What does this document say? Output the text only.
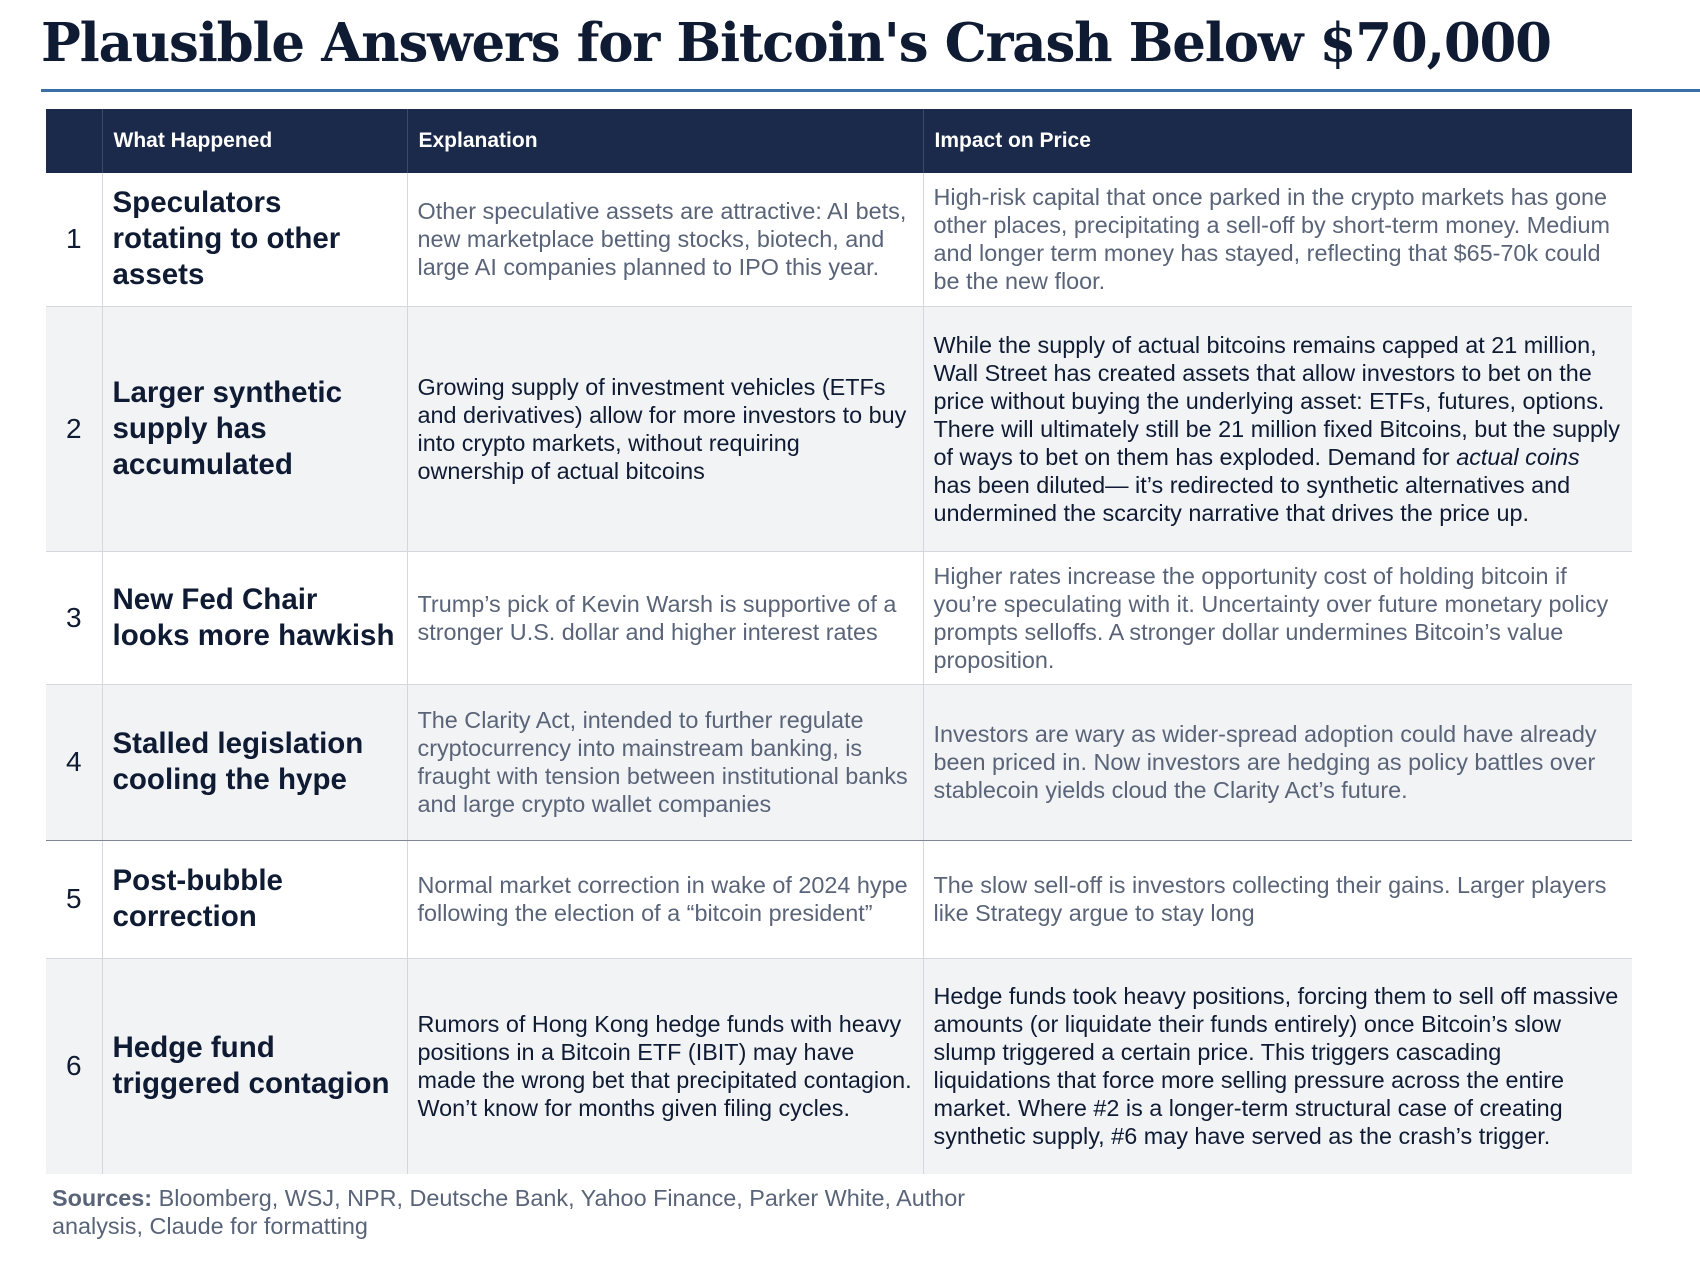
Plausible Answers for Bitcoin's Crash Below $70,000
	What Happened	Explanation	Impact on Price
1	Speculators rotating to other assets	Other speculative assets are attractive: AI bets, new marketplace betting stocks, biotech, and large AI companies planned to IPO this year.	High-risk capital that once parked in the crypto markets has gone other places, precipitating a sell-off by short-term money. Medium and longer term money has stayed, reflecting that $65-70k could be the new floor.
2	Larger synthetic supply has accumulated	Growing supply of investment vehicles (ETFs and derivatives) allow for more investors to buy into crypto markets, without requiring ownership of actual bitcoins	While the supply of actual bitcoins remains capped at 21 million, Wall Street has created assets that allow investors to bet on the price without buying the underlying asset: ETFs, futures, options. There will ultimately still be 21 million fixed Bitcoins, but the supply of ways to bet on them has exploded. Demand for actual coins has been diluted— it’s redirected to synthetic alternatives and undermined the scarcity narrative that drives the price up.
3	New Fed Chair looks more hawkish	Trump’s pick of Kevin Warsh is supportive of a stronger U.S. dollar and higher interest rates	Higher rates increase the opportunity cost of holding bitcoin if you’re speculating with it. Uncertainty over future monetary policy prompts selloffs. A stronger dollar undermines Bitcoin’s value proposition.
4	Stalled legislation cooling the hype	The Clarity Act, intended to further regulate cryptocurrency into mainstream banking, is fraught with tension between institutional banks and large crypto wallet companies	Investors are wary as wider-spread adoption could have already been priced in. Now investors are hedging as policy battles over stablecoin yields cloud the Clarity Act’s future.
5	Post-bubble correction	Normal market correction in wake of 2024 hype following the election of a “bitcoin president”	The slow sell-off is investors collecting their gains. Larger players like Strategy argue to stay long
6	Hedge fund triggered contagion	Rumors of Hong Kong hedge funds with heavy positions in a Bitcoin ETF (IBIT) may have made the wrong bet that precipitated contagion. Won’t know for months given filing cycles.	Hedge funds took heavy positions, forcing them to sell off massive amounts (or liquidate their funds entirely) once Bitcoin’s slow slump triggered a certain price. This triggers cascading liquidations that force more selling pressure across the entire market. Where #2 is a longer-term structural case of creating synthetic supply, #6 may have served as the crash’s trigger.
Sources: Bloomberg, WSJ, NPR, Deutsche Bank, Yahoo Finance, Parker White, Author analysis, Claude for formatting
